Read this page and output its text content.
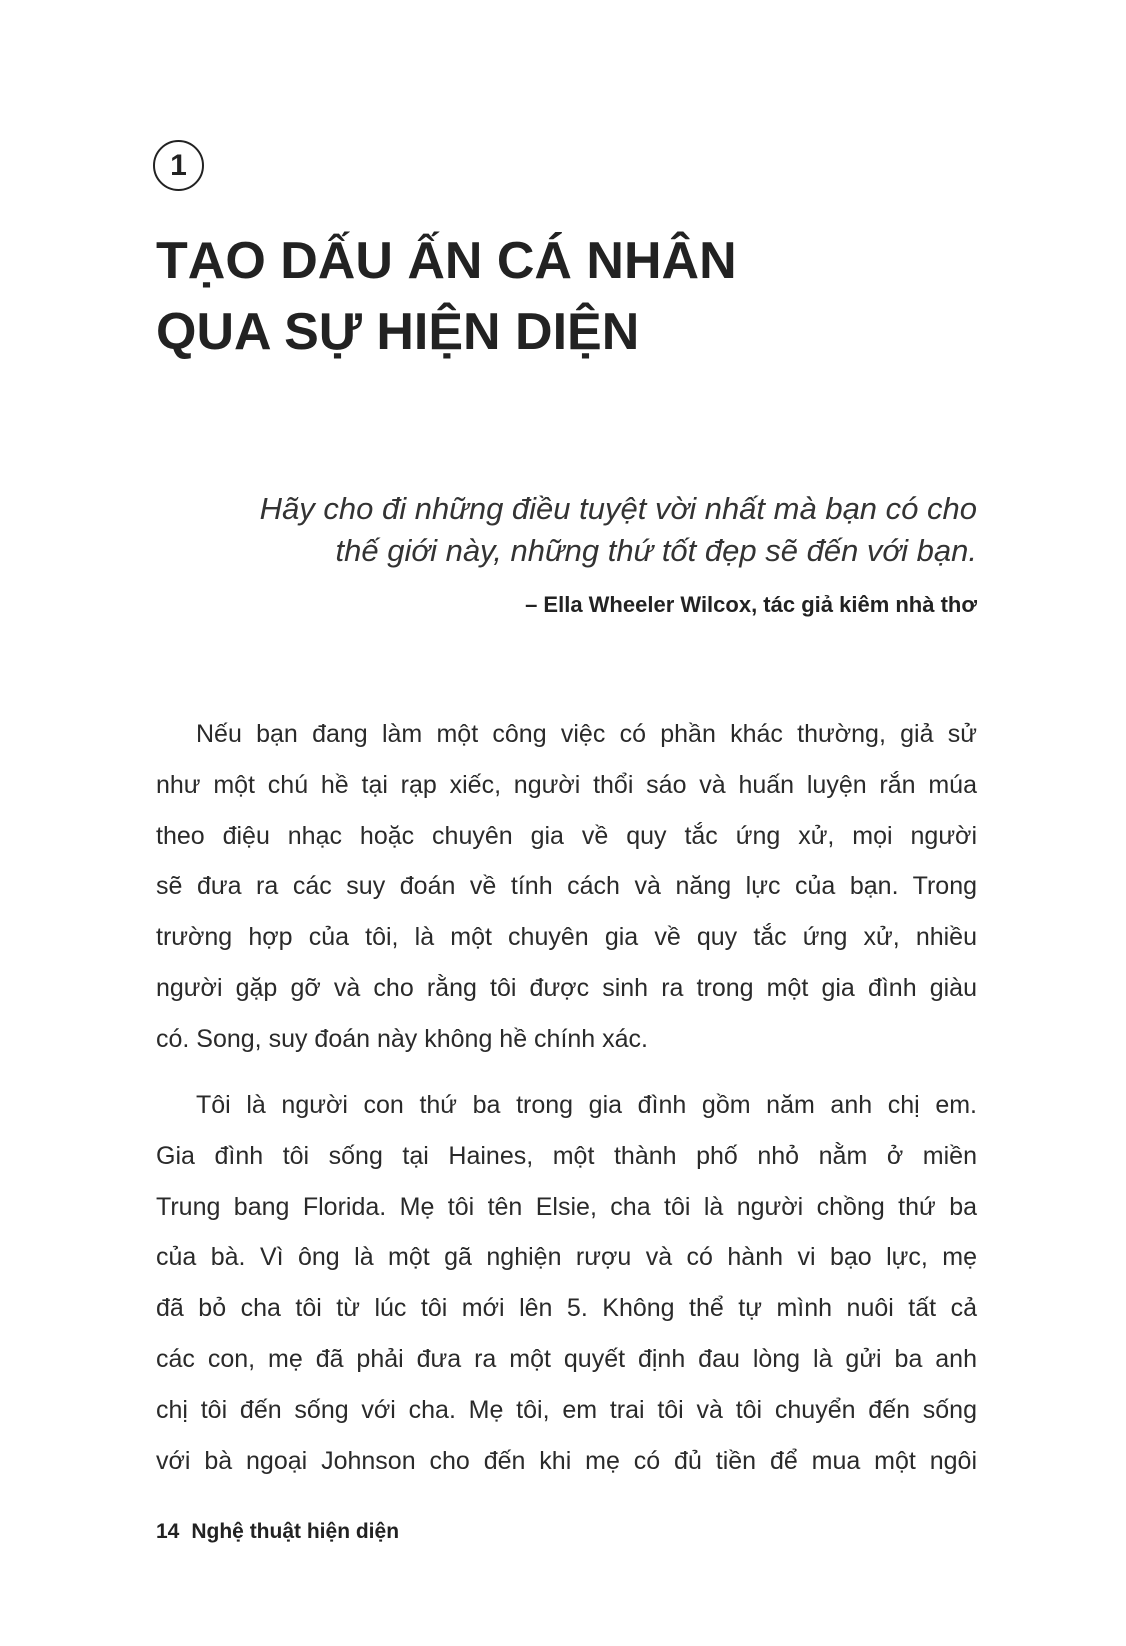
1
TẠO DẤU ẤN CÁ NHÂN
QUA SỰ HIỆN DIỆN
Hãy cho đi những điều tuyệt vời nhất mà bạn có cho
thế giới này, những thứ tốt đẹp sẽ đến với bạn.
– Ella Wheeler Wilcox, tác giả kiêm nhà thơ
Nếu bạn đang làm một công việc có phần khác thường, giả sử
như một chú hề tại rạp xiếc, người thổi sáo và huấn luyện rắn múa
theo điệu nhạc hoặc chuyên gia về quy tắc ứng xử, mọi người
sẽ đưa ra các suy đoán về tính cách và năng lực của bạn. Trong
trường hợp của tôi, là một chuyên gia về quy tắc ứng xử, nhiều
người gặp gỡ và cho rằng tôi được sinh ra trong một gia đình giàu
có. Song, suy đoán này không hề chính xác.
Tôi là người con thứ ba trong gia đình gồm năm anh chị em.
Gia đình tôi sống tại Haines, một thành phố nhỏ nằm ở miền
Trung bang Florida. Mẹ tôi tên Elsie, cha tôi là người chồng thứ ba
của bà. Vì ông là một gã nghiện rượu và có hành vi bạo lực, mẹ
đã bỏ cha tôi từ lúc tôi mới lên 5. Không thể tự mình nuôi tất cả
các con, mẹ đã phải đưa ra một quyết định đau lòng là gửi ba anh
chị tôi đến sống với cha. Mẹ tôi, em trai tôi và tôi chuyển đến sống
với bà ngoại Johnson cho đến khi mẹ có đủ tiền để mua một ngôi
14 Nghệ thuật hiện diện
